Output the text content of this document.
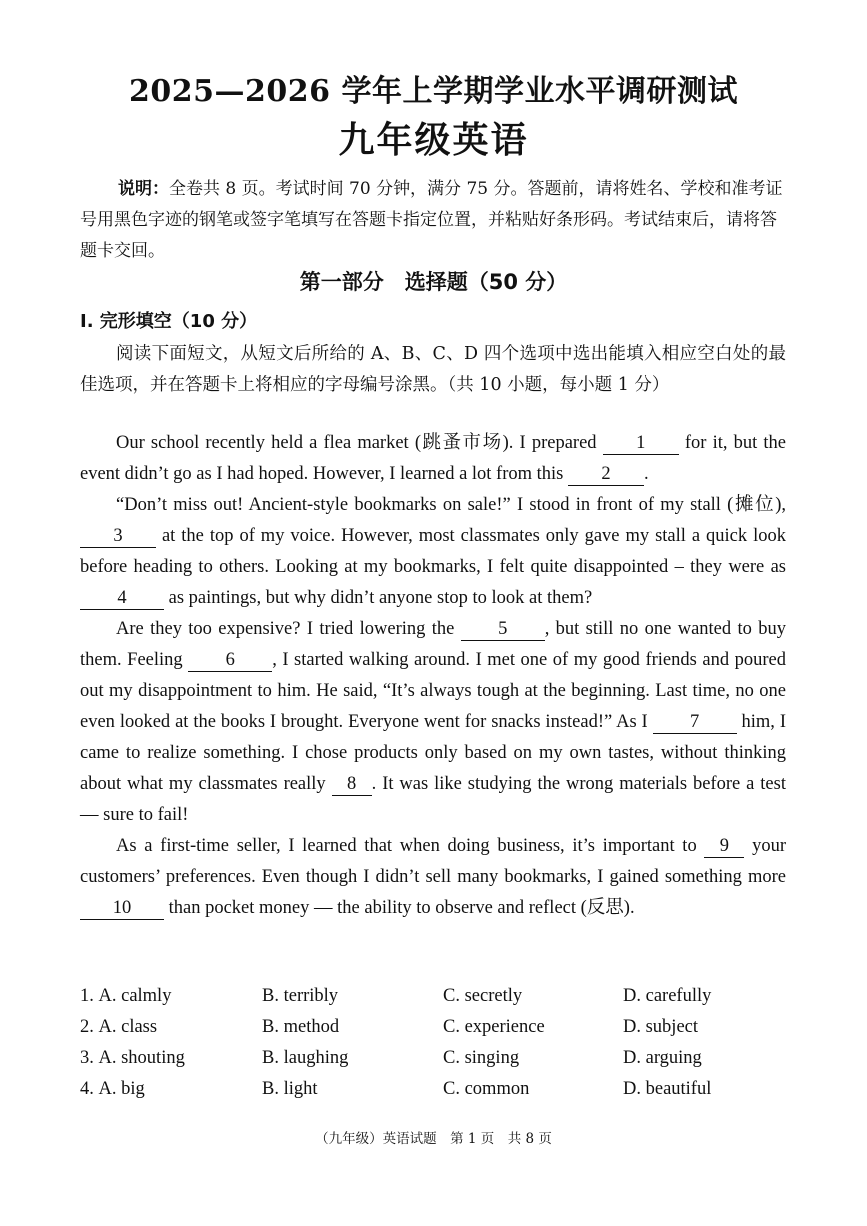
2025—2026 学年上学期学业水平调研测试
九年级英语
说明：全卷共 8 页。考试时间 70 分钟，满分 75 分。答题前，请将姓名、学校和准考证号用黑色字迹的钢笔或签字笔填写在答题卡指定位置，并粘贴好条形码。考试结束后，请将答题卡交回。
第一部分　选择题（50 分）
I. 完形填空（10 分）
阅读下面短文，从短文后所给的 A、B、C、D 四个选项中选出能填入相应空白处的最佳选项，并在答题卡上将相应的字母编号涂黑。（共 10 小题，每小题 1 分）

Our school recently held a flea market (跳蚤市场). I prepared 1 for it, but the event didn’t go as I had hoped. However, I learned a lot from this 2 .

“Don’t miss out! Ancient-style bookmarks on sale!” I stood in front of my stall (摊位), 3 at the top of my voice. However, most classmates only gave my stall a quick look before heading to others. Looking at my bookmarks, I felt quite disappointed – they were as 4 as paintings, but why didn’t anyone stop to look at them?

Are they too expensive? I tried lowering the 5 , but still no one wanted to buy them. Feeling 6 , I started walking around. I met one of my good friends and poured out my disappointment to him. He said, “It’s always tough at the beginning. Last time, no one even looked at the books I brought. Everyone went for snacks instead!” As I 7 him, I came to realize something. I chose products only based on my own tastes, without thinking about what my classmates really 8 . It was like studying the wrong materials before a test — sure to fail!

As a first-time seller, I learned that when doing business, it’s important to 9 your customers’ preferences. Even though I didn’t sell many bookmarks, I gained something more 10 than pocket money — the ability to observe and reflect (反思).

1. A. calmly	B. terribly	C. secretly	D. carefully
2. A. class	B. method	C. experience	D. subject
3. A. shouting	B. laughing	C. singing	D. arguing
4. A. big	B. light	C. common	D. beautiful
（九年级）英语试题　第 1 页　共 8 页
